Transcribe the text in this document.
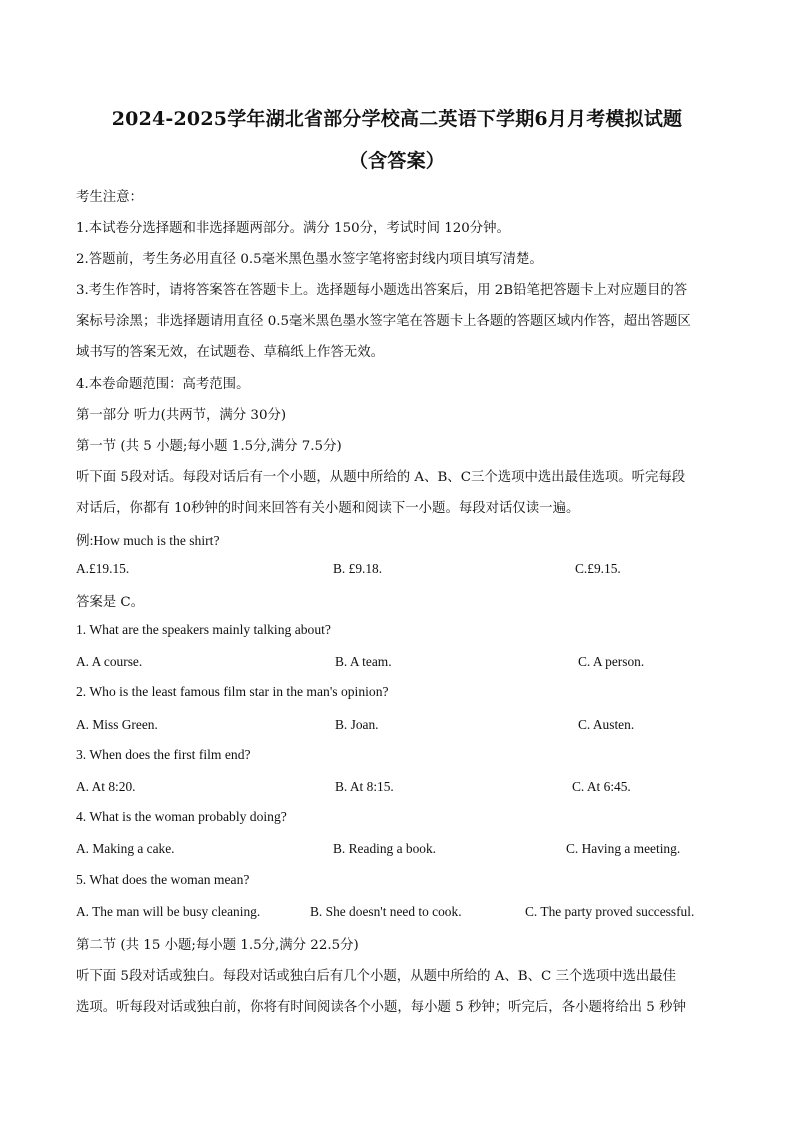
2024-2025学年湖北省部分学校高二英语下学期6月月考模拟试题
（含答案）
考生注意：
1.本试卷分选择题和非选择题两部分。满分 150分，考试时间 120分钟。
2.答题前，考生务必用直径 0.5毫米黑色墨水签字笔将密封线内项目填写清楚。
3.考生作答时，请将答案答在答题卡上。选择题每小题选出答案后，用 2B铅笔把答题卡上对应题目的答
案标号涂黑；非选择题请用直径 0.5毫米黑色墨水签字笔在答题卡上各题的答题区域内作答，超出答题区
域书写的答案无效，在试题卷、草稿纸上作答无效。
4.本卷命题范围：高考范围。
第一部分 听力(共两节，满分 30分)
第一节 (共 5 小题;每小题 1.5分,满分 7.5分)
听下面 5段对话。每段对话后有一个小题，从题中所给的 A、B、C三个选项中选出最佳选项。听完每段
对话后，你都有 10秒钟的时间来回答有关小题和阅读下一小题。每段对话仅读一遍。
例:How much is the shirt?
A.£19.15.	B. £9.18.	C.£9.15.
答案是 C。
1. What are the speakers mainly talking about?
A. A course.	B. A team.	C. A person.
2. Who is the least famous film star in the man's opinion?
A. Miss Green.	B. Joan.	C. Austen.
3. When does the first film end?
A. At 8:20.	B. At 8:15.	C. At 6:45.
4. What is the woman probably doing?
A. Making a cake.	B. Reading a book.	C. Having a meeting.
5. What does the woman mean?
A. The man will be busy cleaning.	B. She doesn't need to cook.	C. The party proved successful.
第二节 (共 15 小题;每小题 1.5分,满分 22.5分)
听下面 5段对话或独白。每段对话或独白后有几个小题，从题中所给的 A、B、C 三个选项中选出最佳
选项。听每段对话或独白前，你将有时间阅读各个小题，每小题 5 秒钟；听完后，各小题将给出 5 秒钟
